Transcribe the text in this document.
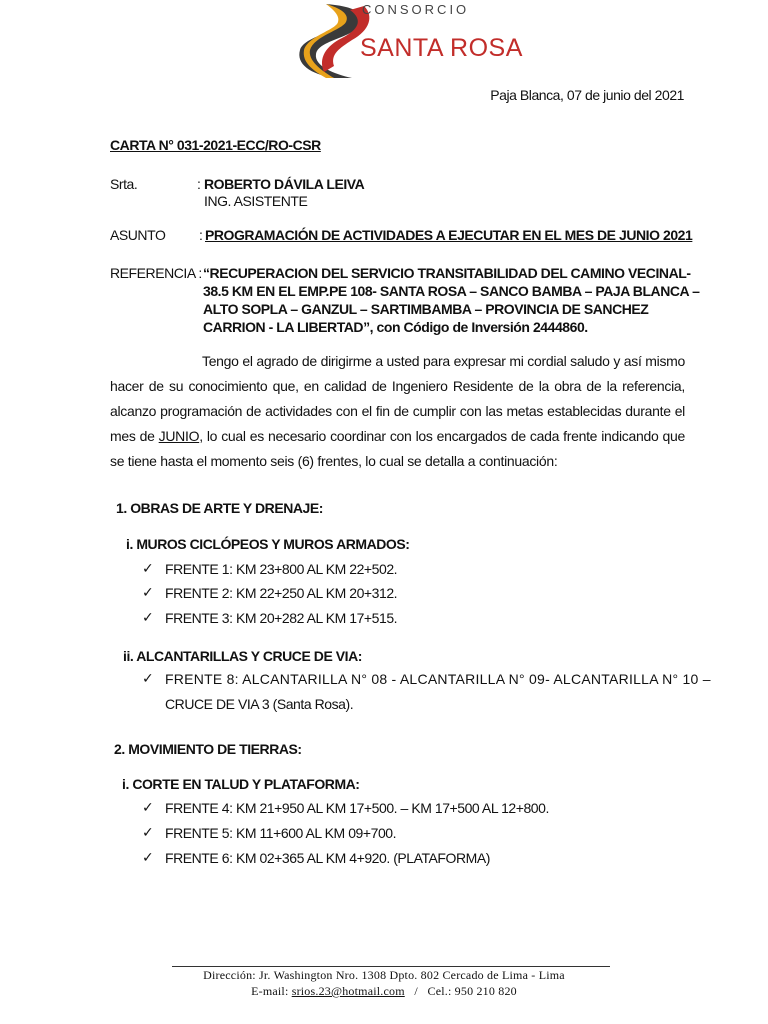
CONSORCIO
SANTA ROSA
Paja Blanca, 07 de junio del 2021
CARTA N° 031-2021-ECC/RO-CSR
Srta.	: ROBERTO DÁVILA LEIVA
ING. ASISTENTE
ASUNTO : PROGRAMACIÓN DE ACTIVIDADES A EJECUTAR EN EL MES DE JUNIO 2021
REFERENCIA : “RECUPERACION DEL SERVICIO TRANSITABILIDAD DEL CAMINO VECINAL-
38.5 KM EN EL EMP.PE 108- SANTA ROSA – SANCO BAMBA – PAJA BLANCA –
ALTO SOPLA – GANZUL – SARTIMBAMBA – PROVINCIA DE SANCHEZ
CARRION - LA LIBERTAD”, con Código de Inversión 2444860.
Tengo el agrado de dirigirme a usted para expresar mi cordial saludo y así mismo hacer de su conocimiento que, en calidad de Ingeniero Residente de la obra de la referencia, alcanzo programación de actividades con el fin de cumplir con las metas establecidas durante el mes de JUNIO, lo cual es necesario coordinar con los encargados de cada frente indicando que se tiene hasta el momento seis (6) frentes, lo cual se detalla a continuación:
1. OBRAS DE ARTE Y DRENAJE:
i. MUROS CICLÓPEOS Y MUROS ARMADOS:
✓ FRENTE 1: KM 23+800 AL KM 22+502.
✓ FRENTE 2: KM 22+250 AL KM 20+312.
✓ FRENTE 3: KM 20+282 AL KM 17+515.
ii. ALCANTARILLAS Y CRUCE DE VIA:
✓ FRENTE 8: ALCANTARILLA N° 08 - ALCANTARILLA N° 09- ALCANTARILLA N° 10 –
CRUCE DE VIA 3 (Santa Rosa).
2. MOVIMIENTO DE TIERRAS:
i. CORTE EN TALUD Y PLATAFORMA:
✓ FRENTE 4: KM 21+950 AL KM 17+500. – KM 17+500 AL 12+800.
✓ FRENTE 5: KM 11+600 AL KM 09+700.
✓ FRENTE 6: KM 02+365 AL KM 4+920. (PLATAFORMA)
Dirección: Jr. Washington Nro. 1308 Dpto. 802 Cercado de Lima - Lima
E-mail: srios.23@hotmail.com   /   Cel.: 950 210 820
